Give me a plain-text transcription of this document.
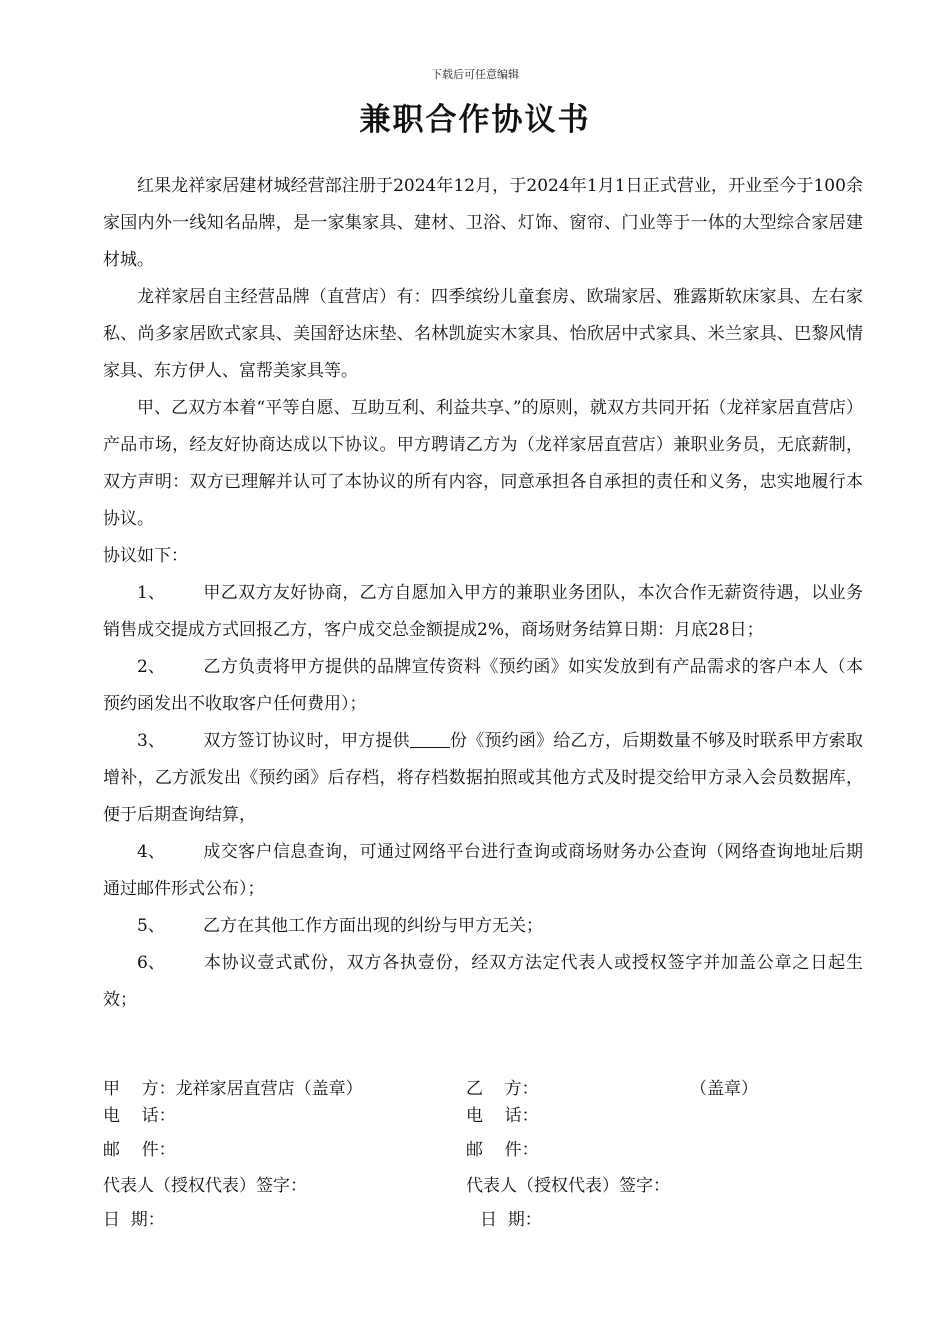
下载后可任意编辑
兼职合作协议书

红果龙祥家居建材城经营部注册于2024年12月，于2024年1月1日正式营业，开业至今于100余家国内外一线知名品牌，是一家集家具、建材、卫浴、灯饰、窗帘、门业等于一体的大型综合家居建材城。

龙祥家居自主经营品牌（直营店）有：四季缤纷儿童套房、欧瑞家居、雅露斯软床家具、左右家私、尚多家居欧式家具、美国舒达床垫、名林凯旋实木家具、怡欣居中式家具、米兰家具、巴黎风情家具、东方伊人、富帮美家具等。

甲、乙双方本着“平等自愿、互助互利、利益共享、”的原则，就双方共同开拓（龙祥家居直营店）产品市场，经友好协商达成以下协议。甲方聘请乙方为（龙祥家居直营店）兼职业务员，无底薪制，双方声明：双方已理解并认可了本协议的所有内容，同意承担各自承担的责任和义务，忠实地履行本协议。

协议如下：

1、 甲乙双方友好协商，乙方自愿加入甲方的兼职业务团队，本次合作无薪资待遇，以业务销售成交提成方式回报乙方，客户成交总金额提成2%，商场财务结算日期：月底28日；

2、 乙方负责将甲方提供的品牌宣传资料《预约函》如实发放到有产品需求的客户本人（本预约函发出不收取客户任何费用）；

3、 双方签订协议时，甲方提供 份《预约函》给乙方，后期数量不够及时联系甲方索取增补，乙方派发出《预约函》后存档，将存档数据拍照或其他方式及时提交给甲方录入会员数据库，便于后期查询结算，

4、 成交客户信息查询，可通过网络平台进行查询或商场财务办公查询（网络查询地址后期通过邮件形式公布）；

5、 乙方在其他工作方面出现的纠纷与甲方无关；

6、 本协议壹式貳份，双方各执壹份，经双方法定代表人或授权签字并加盖公章之日起生效；

甲    方：龙祥家居直营店（盖章）	乙    方：	（盖章）
电    话：	电    话：
邮    件：	邮    件：
代表人（授权代表）签字：	代表人（授权代表）签字：
日  期：	日  期：
